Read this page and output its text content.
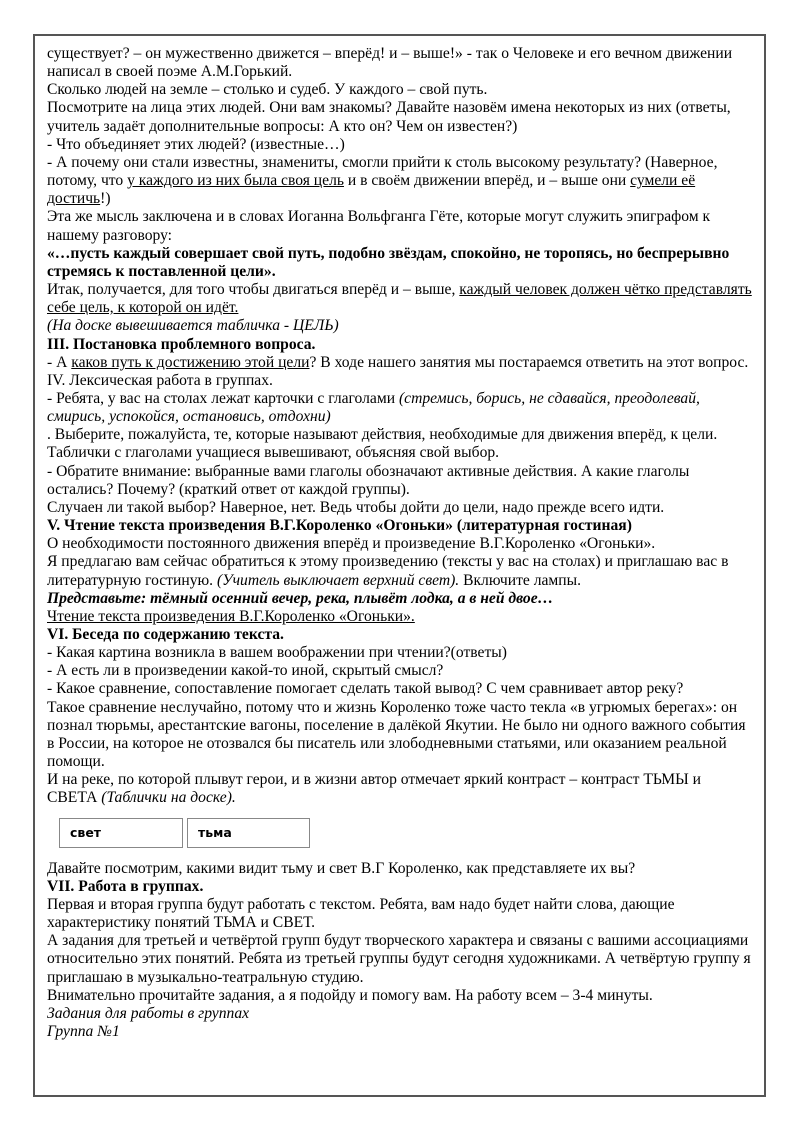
существует? – он мужественно движется – вперёд! и – выше!» - так о Человеке и его вечном движении написал в своей поэме А.М.Горький.

Сколько людей на земле – столько и судеб. У каждого – свой путь.

Посмотрите на лица этих людей. Они вам знакомы? Давайте назовём имена некоторых из них (ответы, учитель задаёт дополнительные вопросы: А кто он? Чем он известен?)

- Что объединяет этих людей? (известные…)

- А почему они стали известны, знамениты, смогли прийти к столь высокому результату? (Наверное, потому, что у каждого из них была своя цель и в своём движении вперёд, и – выше они сумели её достичь!)

Эта же мысль заключена и в словах Иоганна Вольфганга Гёте, которые могут служить эпиграфом к нашему разговору:

«…пусть каждый совершает свой путь, подобно звёздам, спокойно, не торопясь, но беспрерывно стремясь к поставленной цели».

Итак, получается, для того чтобы двигаться вперёд и – выше, каждый человек должен чётко представлять себе цель, к которой он идёт.

(На доске вывешивается табличка - ЦЕЛЬ)

III. Постановка проблемного вопроса.

- А каков путь к достижению этой цели? В ходе нашего занятия мы постараемся ответить на этот вопрос.

IV. Лексическая работа в группах.

- Ребята, у вас на столах лежат карточки с глаголами (стремись, борись, не сдавайся, преодолевай, смирись, успокойся, остановись, отдохни)

. Выберите, пожалуйста, те, которые называют действия, необходимые для движения вперёд, к цели. Таблички с глаголами учащиеся вывешивают, объясняя свой выбор.

- Обратите внимание: выбранные вами глаголы обозначают активные действия. А какие глаголы остались? Почему? (краткий ответ от каждой группы).

Случаен ли такой выбор? Наверное, нет. Ведь чтобы дойти до цели, надо прежде всего идти.

V. Чтение текста произведения В.Г.Короленко «Огоньки» (литературная гостиная)

О необходимости постоянного движения вперёд и произведение В.Г.Короленко «Огоньки».

Я предлагаю вам сейчас обратиться к этому произведению (тексты у вас на столах) и приглашаю вас в литературную гостиную. (Учитель выключает верхний свет). Включите лампы.

Представьте: тёмный осенний вечер, река, плывёт лодка, а в ней двое…

Чтение текста произведения В.Г.Короленко «Огоньки».

VI. Беседа по содержанию текста.

- Какая картина возникла в вашем воображении при чтении?(ответы)

- А есть ли в произведении какой-то иной, скрытый смысл?

- Какое сравнение, сопоставление помогает сделать такой вывод? С чем сравнивает автор реку?

Такое сравнение неслучайно, потому что и жизнь Короленко тоже часто текла «в угрюмых берегах»: он познал тюрьмы, арестантские вагоны, поселение в далёкой Якутии. Не было ни одного важного события в России, на которое не отозвался бы писатель или злободневными статьями, или оказанием реальной помощи.

И на реке, по которой плывут герои, и в жизни автор отмечает яркий контраст – контраст ТЬМЫ и СВЕТА (Таблички на доске).

свет	тьма

Давайте посмотрим, какими видит тьму и свет В.Г Короленко, как представляете их вы?

VII. Работа в группах.

Первая и вторая группа будут работать с текстом. Ребята, вам надо будет найти слова, дающие характеристику понятий ТЬМА и СВЕТ.

А задания для третьей и четвёртой групп будут творческого характера и связаны с вашими ассоциациями относительно этих понятий. Ребята из третьей группы будут сегодня художниками. А четвёртую группу я приглашаю в музыкально-театральную студию.

Внимательно прочитайте задания, а я подойду и помогу вам. На работу всем – 3-4 минуты.

Задания для работы в группах

Группа №1
